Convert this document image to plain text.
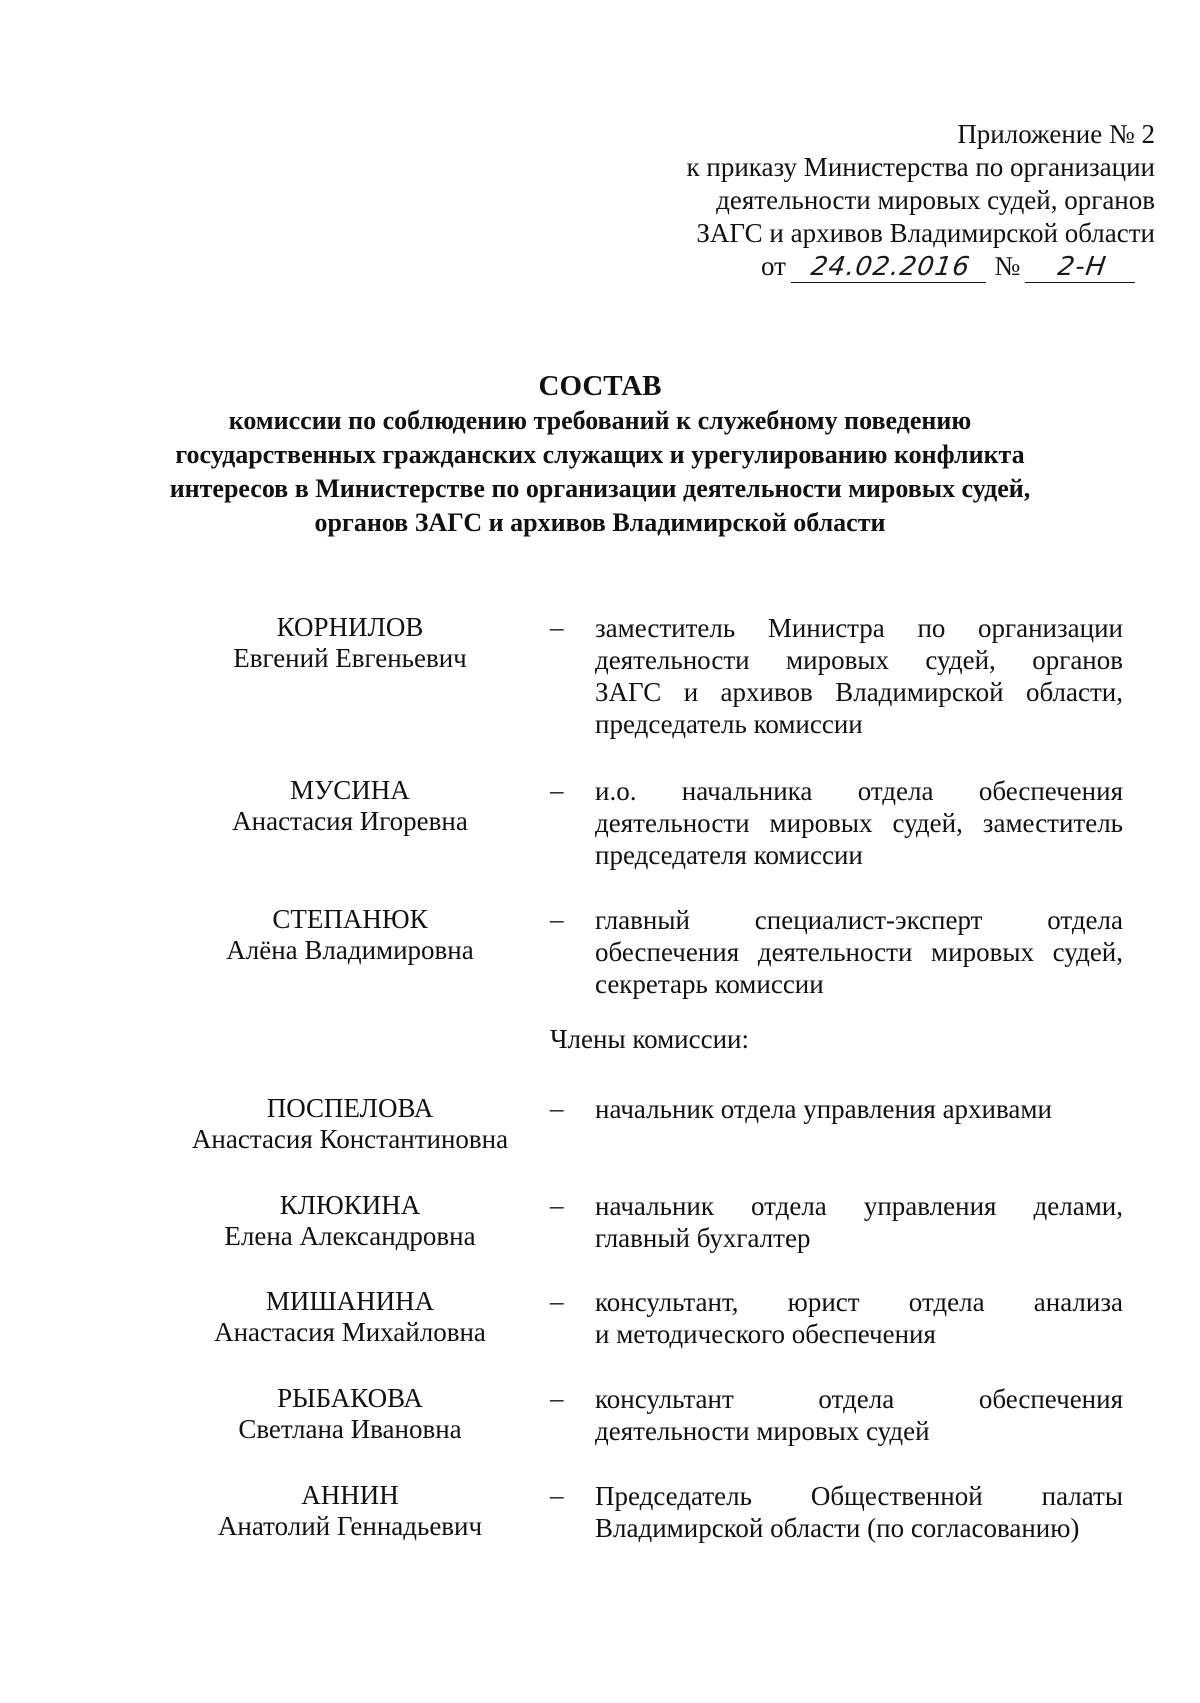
Приложение № 2
к приказу Министерства по организации
деятельности мировых судей, органов
ЗАГС и архивов Владимирской области
от 24.02.2016 № 2-Н
СОСТАВ
комиссии по соблюдению требований к служебному поведению
государственных гражданских служащих и урегулированию конфликта
интересов в Министерстве по организации деятельности мировых судей,
органов ЗАГС и архивов Владимирской области
Члены комиссии:
КОРНИЛОВ
Евгений Евгеньевич
– заместитель Министра по организации
деятельности мировых судей, органов
ЗАГС и архивов Владимирской области,
председатель комиссии
МУСИНА
Анастасия Игоревна
– и.о. начальника отдела обеспечения
деятельности мировых судей, заместитель
председателя комиссии
СТЕПАНЮК
Алёна Владимировна
– главный специалист-эксперт отдела
обеспечения деятельности мировых судей,
секретарь комиссии
ПОСПЕЛОВА
Анастасия Константиновна
– начальник отдела управления архивами
КЛЮКИНА
Елена Александровна
– начальник отдела управления делами,
главный бухгалтер
МИШАНИНА
Анастасия Михайловна
– консультант, юрист отдела анализа
и методического обеспечения
РЫБАКОВА
Светлана Ивановна
– консультант отдела обеспечения
деятельности мировых судей
АННИН
Анатолий Геннадьевич
– Председатель Общественной палаты
Владимирской области (по согласованию)
